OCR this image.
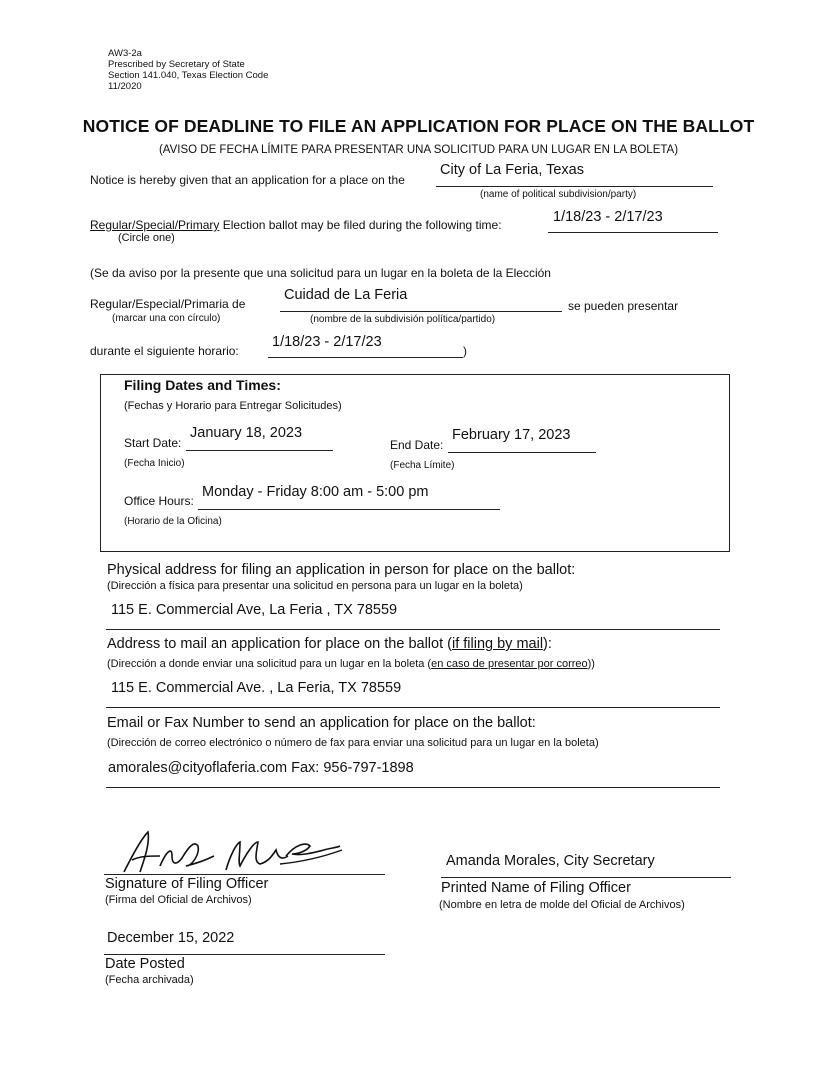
AW3-2a
Prescribed by Secretary of State
Section 141.040, Texas Election Code
11/2020
NOTICE OF DEADLINE TO FILE AN APPLICATION FOR PLACE ON THE BALLOT
(AVISO DE FECHA LÍMITE PARA PRESENTAR UNA SOLICITUD PARA UN LUGAR EN LA BOLETA)
Notice is hereby given that an application for a place on the
City of La Feria, Texas
(name of political subdivision/party)
Regular/Special/Primary Election ballot may be filed during the following time:
(Circle one)
1/18/23 - 2/17/23
(Se da aviso por la presente que una solicitud para un lugar en la boleta de la Elección
Regular/Especial/Primaria de
(marcar una con círculo)
Cuidad de La Feria
(nombre de la subdivisión política/partido)
se pueden presentar
durante el siguiente horario:
1/18/23 - 2/17/23
)
Filing Dates and Times:
(Fechas y Horario para Entregar Solicitudes)
Start Date:
January 18, 2023
(Fecha Inicio)
End Date:
February 17, 2023
(Fecha Límite)
Office Hours:
Monday - Friday 8:00 am - 5:00 pm
(Horario de la Oficina)
Physical address for filing an application in person for place on the ballot:
(Dirección a física para presentar una solicitud en persona para un lugar en la boleta)
115 E. Commercial Ave, La Feria , TX 78559
Address to mail an application for place on the ballot (if filing by mail):
(Dirección a donde enviar una solicitud para un lugar en la boleta (en caso de presentar por correo))
115 E. Commercial Ave. , La Feria, TX 78559
Email or Fax Number to send an application for place on the ballot:
(Dirección de correo electrónico o número de fax para enviar una solicitud para un lugar en la boleta)
amorales@cityoflaferia.com Fax: 956-797-1898
Signature of Filing Officer
(Firma del Oficial de Archivos)
Amanda Morales, City Secretary
Printed Name of Filing Officer
(Nombre en letra de molde del Oficial de Archivos)
December 15, 2022
Date Posted
(Fecha archivada)
